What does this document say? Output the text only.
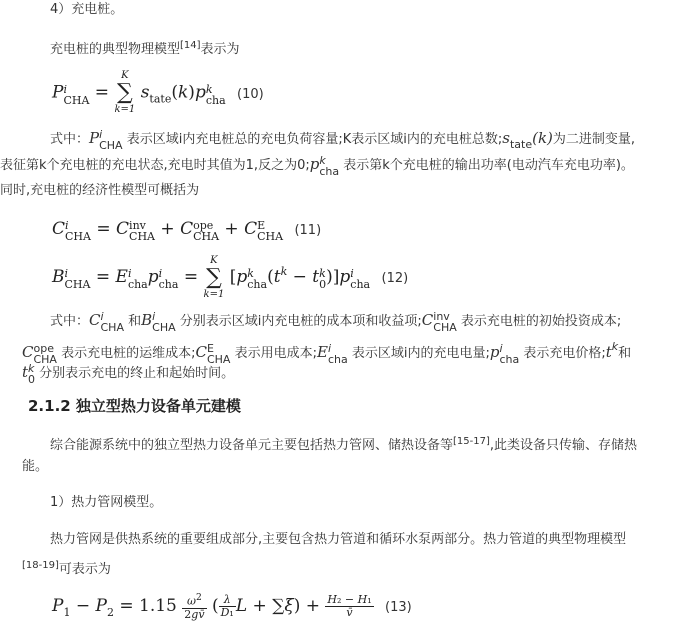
4）充电桩。
充电桩的典型物理模型[14]表示为
P i
CHA =
K
∑
k=1
$s_{tate}(k)p$ k
cha (10)
式中：P i
CHA 表示区域i内充电桩总的充电负荷容量;K表示区域i内的充电桩总数$;s_{tate}(k)$为二进制变量,
表征第k个充电桩的充电状态,充电时其值为1,反之为0;p k
cha 表示第k个充电桩的输出功率(电动汽车充电功率)。
同时,充电桩的经济性模型可概括为
C i
CHA = C inv
CHA + C ope
CHA + C E
CHA (11)
B i
CHA = E i
cha p i
cha =
K
∑
k=1
[p k
cha ($t^k - t$ k
0 )]p i
cha (12)
式中：C i
CHA 和B i
CHA 分别表示区域i内充电桩的成本项和收益项;C inv
CHA 表示充电桩的初始投资成本;
C ope
CHA 表示充电桩的运维成本;C E
CHA 表示用电成本;E i
cha 表示区域i内的充电电量;p i
cha 表示充电价格$;t^k$和
t k
0 分别表示充电的终止和起始时间。
2.1.2 独立型热力设备单元建模
综合能源系统中的独立型热力设备单元主要包括热力管网、储热设备等[15-17],此类设备只传输、存储热
能。
1）热力管网模型。
热力管网是供热系统的重要组成部分,主要包含热力管道和循环水泵两部分。热力管道的典型物理模型
[18-19]可表示为
$P_1 - P_2 = 1.15 \frac{\omega^2}{2gv̄}$ ( $\frac{\lambda}{\text{D₁}}$ $L + \sum\xi) + \frac{\text{H₂ − H₁}}{v̄} (13)$
